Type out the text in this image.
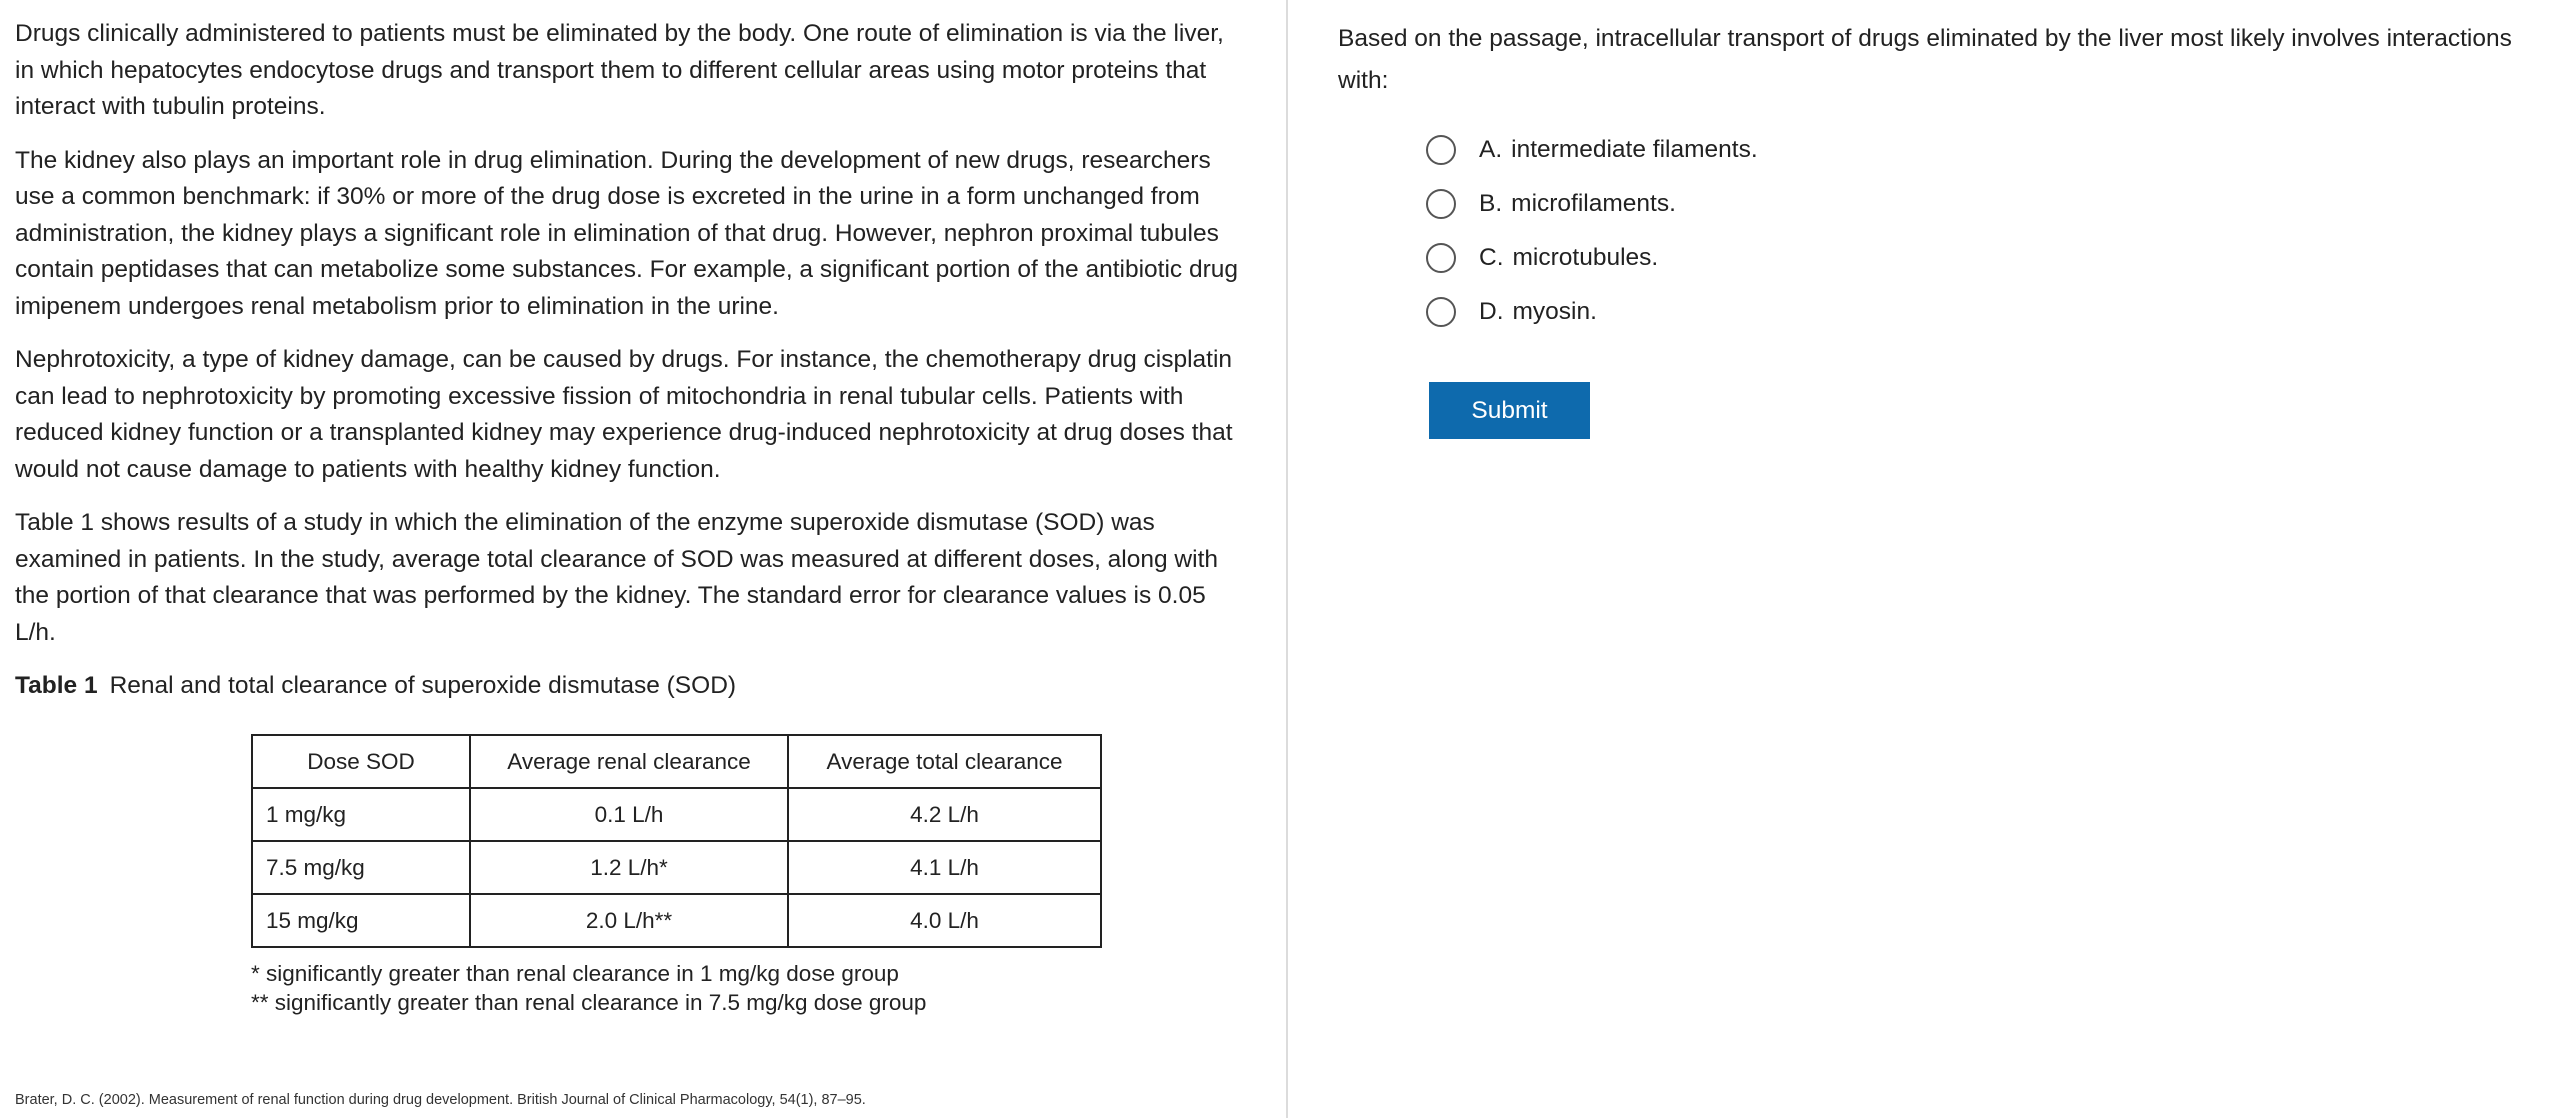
Drugs clinically administered to patients must be eliminated by the body. One route of elimination is via the liver, in which hepatocytes endocytose drugs and transport them to different cellular areas using motor proteins that interact with tubulin proteins.

The kidney also plays an important role in drug elimination. During the development of new drugs, researchers use a common benchmark: if 30% or more of the drug dose is excreted in the urine in a form unchanged from administration, the kidney plays a significant role in elimination of that drug. However, nephron proximal tubules contain peptidases that can metabolize some substances. For example, a significant portion of the antibiotic drug imipenem undergoes renal metabolism prior to elimination in the urine.

Nephrotoxicity, a type of kidney damage, can be caused by drugs. For instance, the chemotherapy drug cisplatin can lead to nephrotoxicity by promoting excessive fission of mitochondria in renal tubular cells. Patients with reduced kidney function or a transplanted kidney may experience drug-induced nephrotoxicity at drug doses that would not cause damage to patients with healthy kidney function.

Table 1 shows results of a study in which the elimination of the enzyme superoxide dismutase (SOD) was examined in patients. In the study, average total clearance of SOD was measured at different doses, along with the portion of that clearance that was performed by the kidney. The standard error for clearance values is 0.05 L/h.

Table 1 Renal and total clearance of superoxide dismutase (SOD)
Dose SOD	Average renal clearance	Average total clearance
1 mg/kg	0.1 L/h	4.2 L/h
7.5 mg/kg	1.2 L/h*	4.1 L/h
15 mg/kg	2.0 L/h**	4.0 L/h
* significantly greater than renal clearance in 1 mg/kg dose group
** significantly greater than renal clearance in 7.5 mg/kg dose group
Brater, D. C. (2002). Measurement of renal function during drug development. British Journal of Clinical Pharmacology, 54(1), 87–95.

Based on the passage, intracellular transport of drugs eliminated by the liver most likely involves interactions with:

A. intermediate filaments.
B. microfilaments.
C. microtubules.
D. myosin.
Submit
